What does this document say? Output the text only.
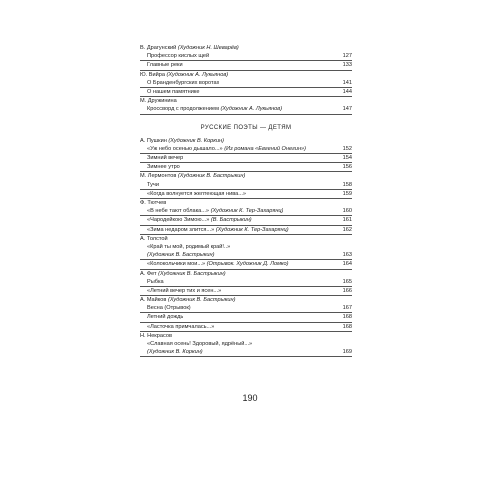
В. Драгунский (Художник Н. Шеварёв)
Профессор кислых щей	127
Главные реки	133
Ю. Вийра (Художник А. Лукьянов)
О Бранденбургских воротах	141
О нашем памятнике	144
М. Дружинина
Кроссворд с продолжением (Художник А. Лукьянов)	147
РУССКИЕ ПОЭТЫ — ДЕТЯМ
А. Пушкин (Художник В. Коркин)
«Уж небо осенью дышало...» (Из романа «Евгений Онегин»)	152
Зимний вечер	154
Зимнее утро	156
М. Лермонтов (Художник В. Бастрыкин)
Тучи	158
«Когда волнуется желтеющая нива...»	159
Ф. Тютчев
«В небе тают облака...» (Художник К. Тер-Захарянц)	160
«Чародейкою Зимою...» (В. Бастрыкин)	161
«Зима недаром злится...» (Художник К. Тер-Захарянц)	162
А. Толстой
«Край ты мой, родимый край!..»
(Художник В. Бастрыкин)	163
«Колокольчики мои...» (Отрывок. Художник Д. Ломко)	164
А. Фет (Художник В. Бастрыкин)
Рыбка	165
«Летний вечер тих и ясен...»	166
А. Майков (Художник В. Бастрыкин)
Весна (Отрывок)	167
Летний дождь	168
«Ласточка примчалась...»	168
Н. Некрасов
«Славная осень! Здоровый, ядрёный...»
(Художник В. Коркин)	169
190
